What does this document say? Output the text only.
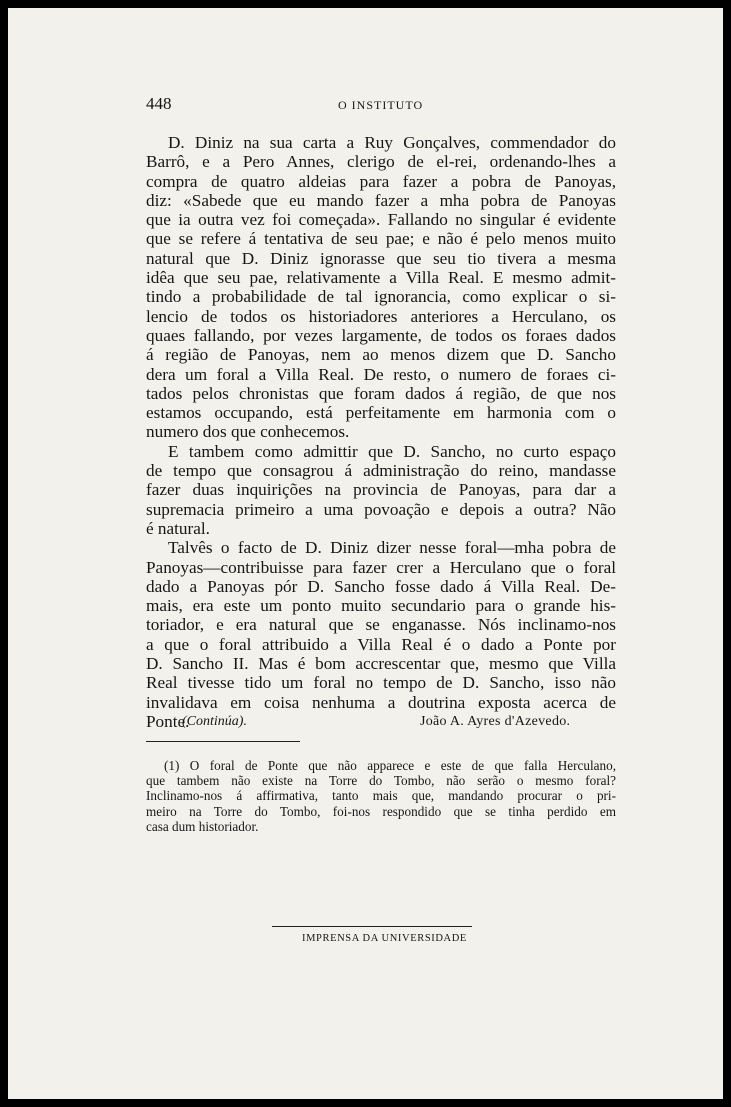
448	O INSTITUTO
D. Diniz na sua carta a Ruy Gonçalves, commendador do
Barrô, e a Pero Annes, clerigo de el-rei, ordenando-lhes a
compra de quatro aldeias para fazer a pobra de Panoyas,
diz: «Sabede que eu mando fazer a mha pobra de Panoyas
que ia outra vez foi começada». Fallando no singular é evidente
que se refere á tentativa de seu pae; e não é pelo menos muito
natural que D. Diniz ignorasse que seu tio tivera a mesma
idêa que seu pae, relativamente a Villa Real. E mesmo admit-
tindo a probabilidade de tal ignorancia, como explicar o si-
lencio de todos os historiadores anteriores a Herculano, os
quaes fallando, por vezes largamente, de todos os foraes dados
á região de Panoyas, nem ao menos dizem que D. Sancho
dera um foral a Villa Real. De resto, o numero de foraes ci-
tados pelos chronistas que foram dados á região, de que nos
estamos occupando, está perfeitamente em harmonia com o
numero dos que conhecemos.
E tambem como admittir que D. Sancho, no curto espaço
de tempo que consagrou á administração do reino, mandasse
fazer duas inquirições na provincia de Panoyas, para dar a
supremacia primeiro a uma povoação e depois a outra? Não
é natural.
Talvês o facto de D. Diniz dizer nesse foral—mha pobra de
Panoyas—contribuisse para fazer crer a Herculano que o foral
dado a Panoyas pór D. Sancho fosse dado á Villa Real. De-
mais, era este um ponto muito secundario para o grande his-
toriador, e era natural que se enganasse. Nós inclinamo-nos
a que o foral attribuido a Villa Real é o dado a Ponte por
D. Sancho II. Mas é bom accrescentar que, mesmo que Villa
Real tivesse tido um foral no tempo de D. Sancho, isso não
invalidava em coisa nenhuma a doutrina exposta acerca de
Ponte.
(Continúa).	João A. Ayres d'Azevedo.
(1) O foral de Ponte que não apparece e este de que falla Herculano,
que tambem não existe na Torre do Tombo, não serão o mesmo foral?
Inclinamo-nos á affirmativa, tanto mais que, mandando procurar o pri-
meiro na Torre do Tombo, foi-nos respondido que se tinha perdido em
casa dum historiador.
IMPRENSA DA UNIVERSIDADE
